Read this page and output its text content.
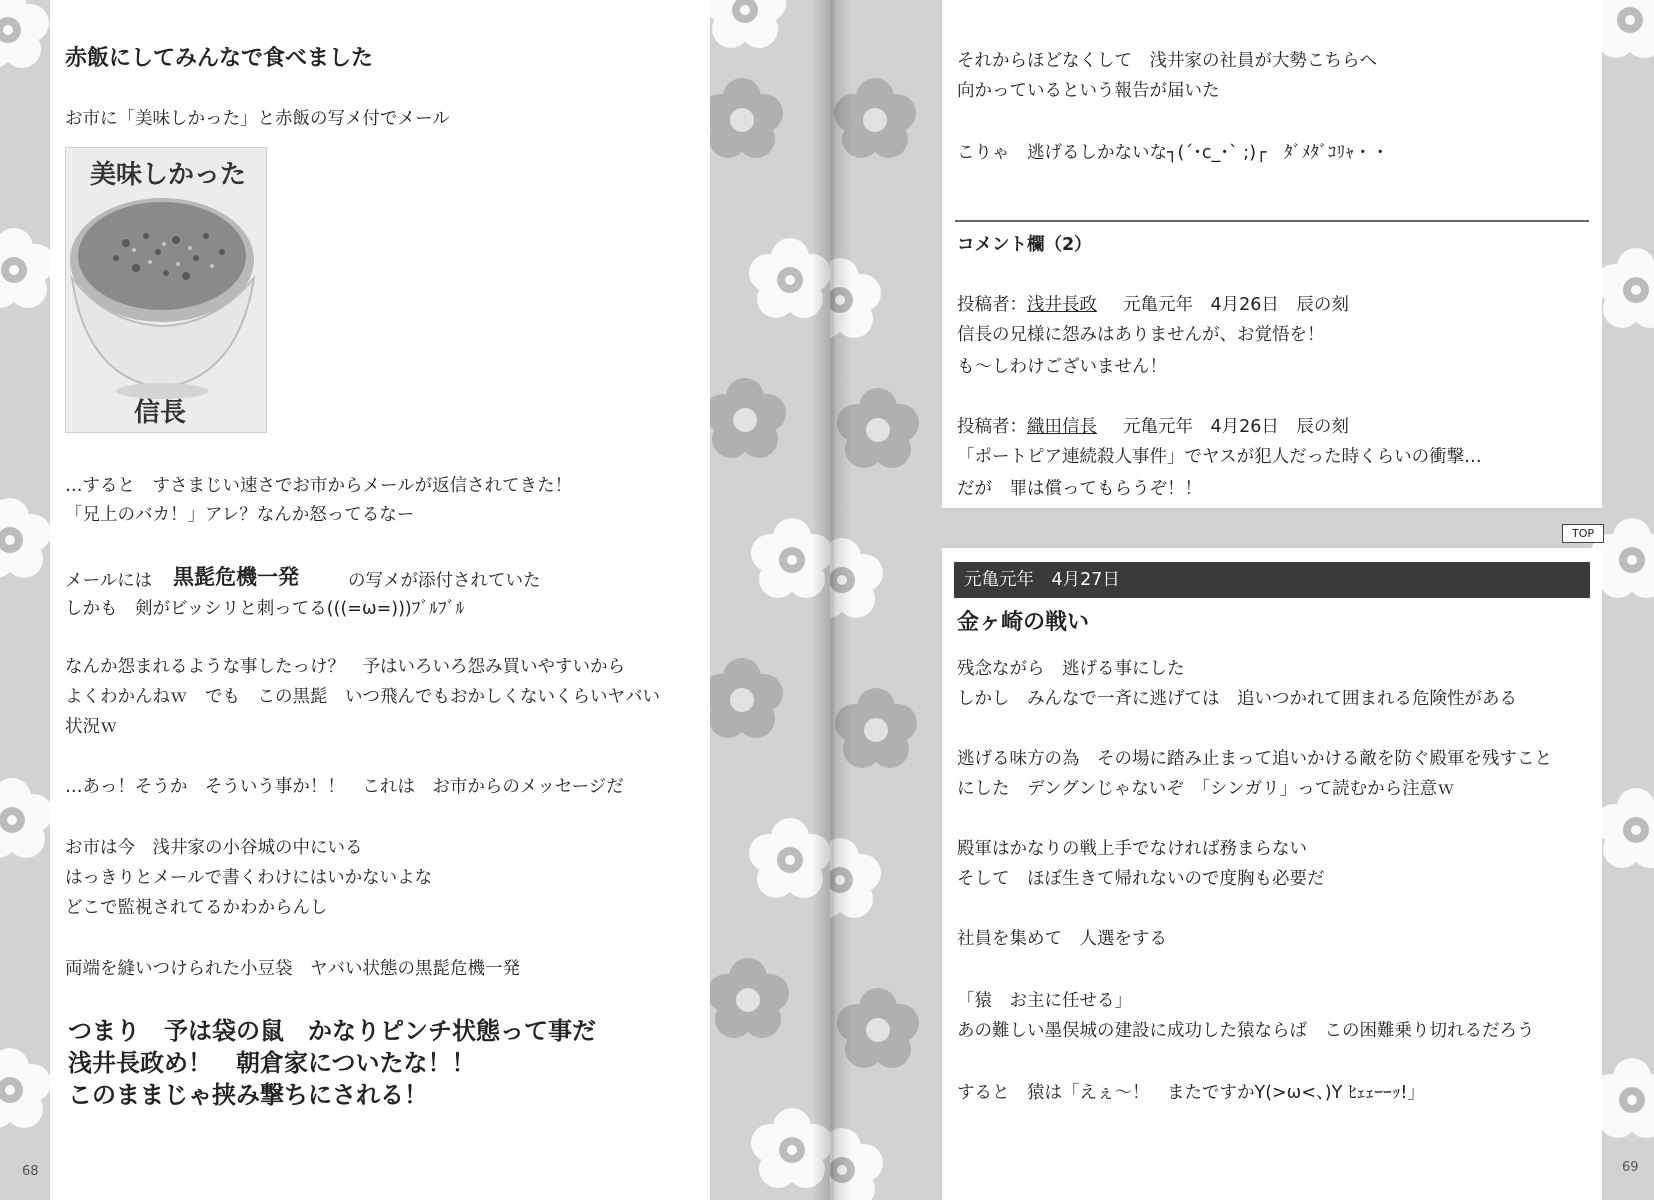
赤飯にしてみんなで食べました
お市に「美味しかった」と赤飯の写メ付でメール
美味しかった
信長
…すると　すさまじい速さでお市からメールが返信されてきた！
「兄上のバカ！」アレ？なんか怒ってるなー
メールには 黒髭危機一発	の写メが添付されていた
しかも　剣がビッシリと刺ってる(((=ω=)))ﾌﾞﾙﾌﾞﾙ
なんか怨まれるような事したっけ？　予はいろいろ怨み買いやすいから
よくわかんねｗ　でも　この黒髭　いつ飛んでもおかしくないくらいヤバい
状況ｗ
…あっ！そうか　そういう事か！！　これは　お市からのメッセージだ
お市は今　浅井家の小谷城の中にいる
はっきりとメールで書くわけにはいかないよな
どこで監視されてるかわからんし
両端を縫いつけられた小豆袋　ヤバい状態の黒髭危機一発
つまり　予は袋の鼠　かなりピンチ状態って事だ
浅井長政め！　朝倉家についたな！！
このままじゃ挟み撃ちにされる！
68
それからほどなくして　浅井家の社員が大勢こちらへ
向かっているという報告が届いた
こりゃ　逃げるしかないな┐(´･c_･` ;)┌　ﾀﾞﾒﾀﾞｺﾘｬ・・
コメント欄（2）
投稿者：浅井長政 元亀元年　4月26日　辰の刻
信長の兄様に怨みはありませんが、お覚悟を！
も～しわけございません！
投稿者：織田信長 元亀元年　4月26日　辰の刻
「ポートピア連続殺人事件」でヤスが犯人だった時くらいの衝撃…
だが　罪は償ってもらうぞ！！
TOP
元亀元年　4月27日
金ヶ崎の戦い
残念ながら　逃げる事にした
しかし　みんなで一斉に逃げては　追いつかれて囲まれる危険性がある
逃げる味方の為　その場に踏み止まって追いかける敵を防ぐ殿軍を残すこと
にした　デングンじゃないぞ　「シンガリ」って読むから注意ｗ
殿軍はかなりの戦上手でなければ務まらない
そして　ほぼ生きて帰れないので度胸も必要だ
社員を集めて　人選をする
「猿　お主に任せる」
あの難しい墨俣城の建設に成功した猿ならば　この困難乗り切れるだろう
すると　猿は「えぇ～！　またですかY(>ω<、)Y ﾋｪｪｰｰｯ!」
69
